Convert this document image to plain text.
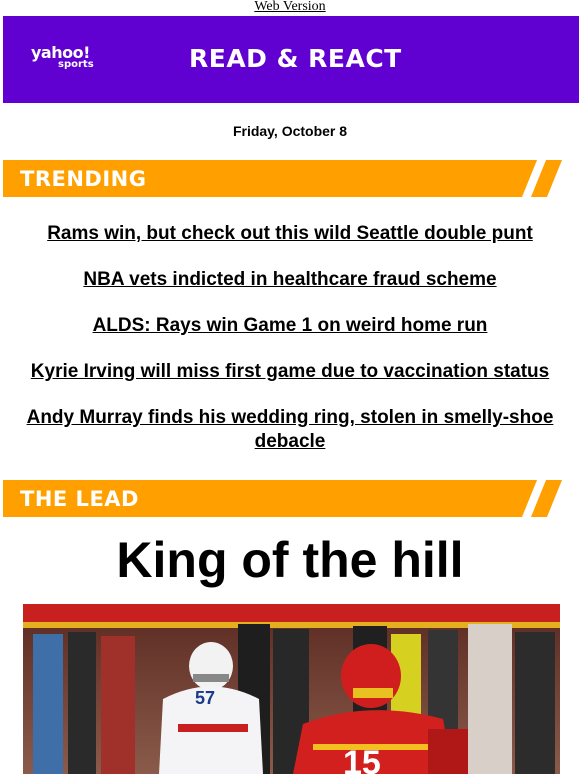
Web Version
yahoo!
sports	READ & REACT
Friday, October 8
TRENDING
Rams win, but check out this wild Seattle double punt
NBA vets indicted in healthcare fraud scheme
ALDS: Rays win Game 1 on weird home run
Kyrie Irving will miss first game due to vaccination status
Andy Murray finds his wedding ring, stolen in smelly-shoe debacle
THE LEAD
King of the hill
57
15
